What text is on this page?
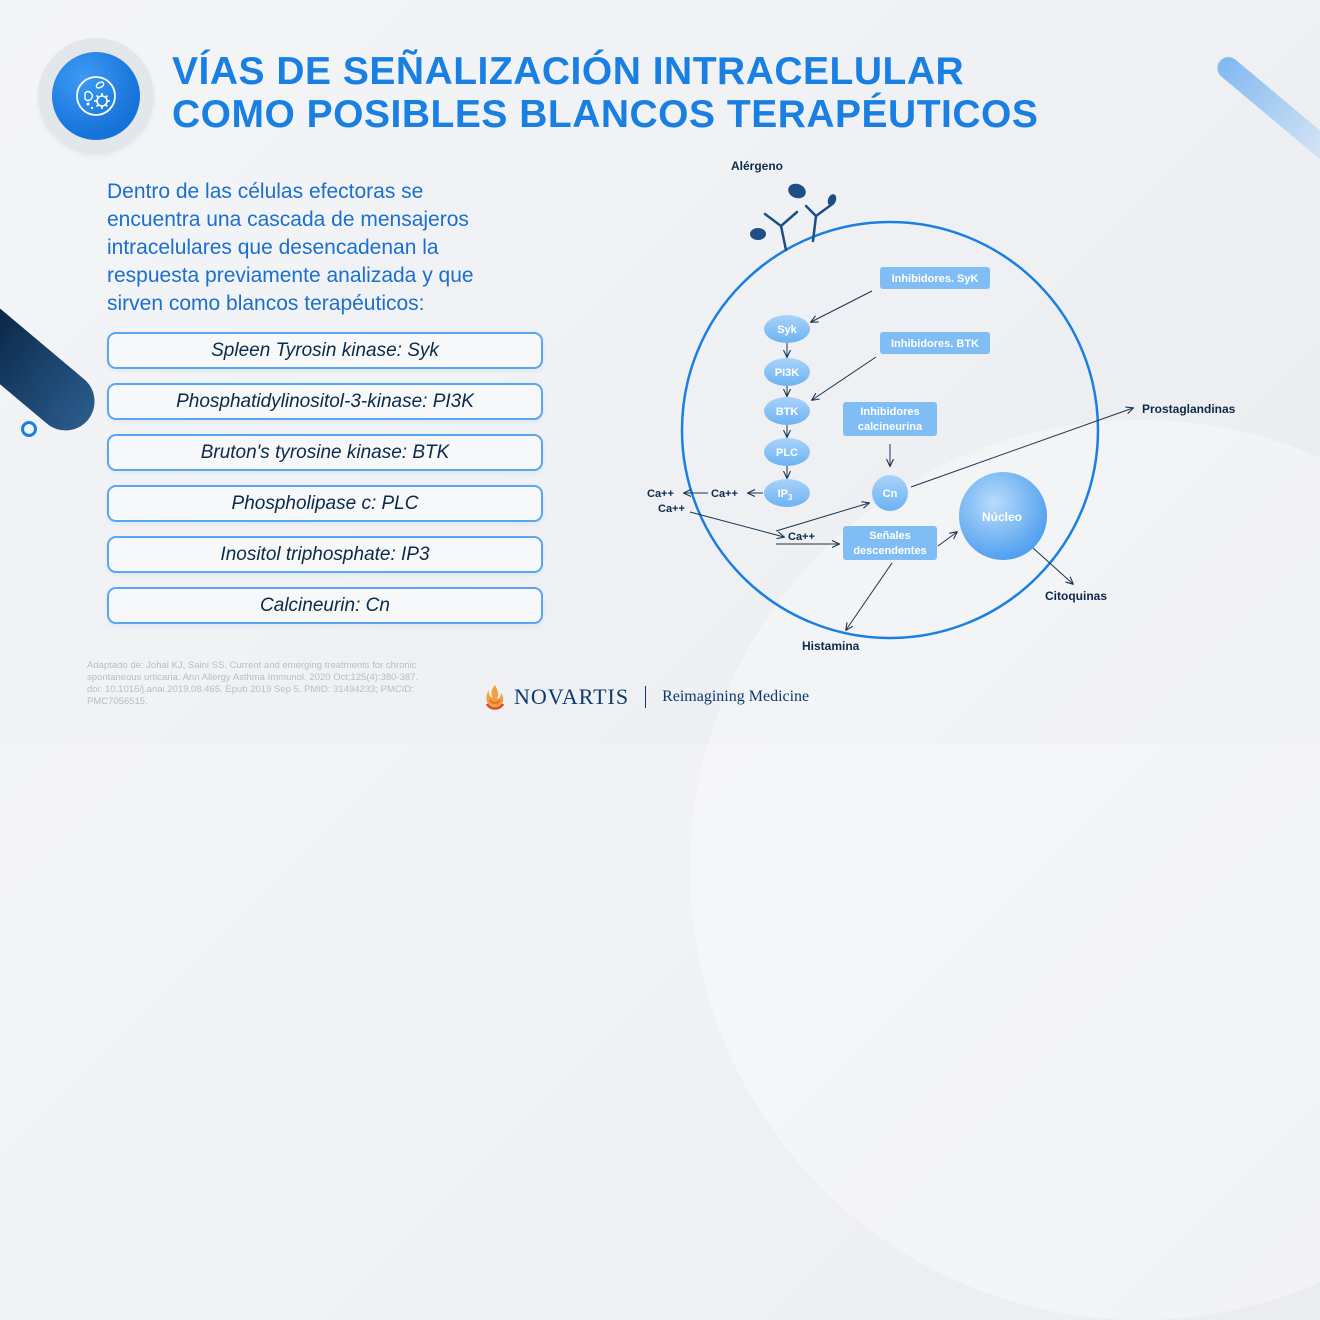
VÍAS DE SEÑALIZACIÓN INTRACELULAR
COMO POSIBLES BLANCOS TERAPÉUTICOS
Dentro de las células efectoras se
encuentra una cascada de mensajeros
intracelulares que desencadenan la
respuesta previamente analizada y que
sirven como blancos terapéuticos:
Spleen Tyrosin kinase: Syk
Phosphatidylinositol-3-kinase: PI3K
Bruton's tyrosine kinase: BTK
Phospholipase c: PLC
Inositol triphosphate: IP3
Calcineurin: Cn
Alérgeno
Syk
PI3K
BTK
PLC
$IP_3$
Inhibidores. SyK
Inhibidores. BTK
Inhibidores
calcineurina
Cn
Señales
descendentes
Núcleo
Ca++
Ca++
Ca++
Ca++
Prostaglandinas
Citoquinas
Histamina
Adaptado de: Johal KJ, Saini SS. Current and emerging treatments for chronic
spontaneous urticaria. Ann Allergy Asthma Immunol. 2020 Oct;125(4):380-387.
doi: 10.1016/j.anai.2019.08.465. Epub 2019 Sep 5. PMID: 31494233; PMCID:
PMC7056515.	NOVARTIS Reimagining Medicine
